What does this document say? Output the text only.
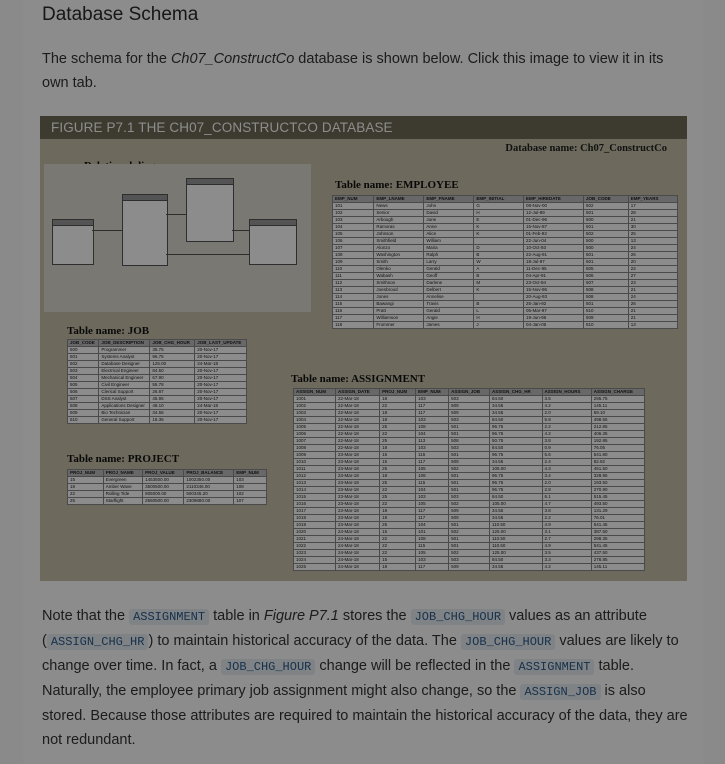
Database Schema

The schema for the Ch07_ConstructCo database is shown below. Click this image to view it in its own tab.

FIGURE P7.1 THE CH07_CONSTRUCTCO DATABASE
Database name: Ch07_ConstructCo
Table name: EMPLOYEE
EMP_NUM	EMP_LNAME	EMP_FNAME	EMP_INITIAL	EMP_HIREDATE	JOB_CODE	EMP_YEARS
101	News	John	G	08-Nov-00	502	17
102	Senior	David	H	12-Jul-89	501	28
103	Arbough	June	E	01-Dec-96	500	21
104	Ramoras	Anne	K	15-Nov-87	501	30
105	Johnson	Alice	K	01-Feb-93	502	25
106	Smithfield	William		22-Jun-04	500	13
107	Alonzo	Maria	D	10-Oct-93	500	24
108	Washington	Ralph	B	22-Aug-91	501	26
109	Smith	Larry	W	18-Jul-97	501	20
110	Olenko	Gerald	A	11-Dec-95	505	22
111	Wabash	Geoff	B	04-Apr-91	506	27
112	Smithson	Darlene	M	23-Oct-94	507	23
113	Joenbrood	Delbert	K	15-Nov-96	508	21
114	Jones	Annelise		20-Aug-93	508	24
115	Bawangi	Travis	B	25-Jan-92	501	26
116	Pratt	Gerald	L	05-Mar-97	510	21
117	Williamson	Angie	H	19-Jun-96	509	21
118	Frommer	James	J	04-Jan-05	510	13
Table name: JOB
JOB_CODE	JOB_DESCRIPTION	JOB_CHG_HOUR	JOB_LAST_UPDATE
500	Programmer	35.75	20-Nov-17
501	Systems Analyst	96.75	20-Nov-17
502	Database Designer	125.00	24-Mar-18
503	Electrical Engineer	84.50	20-Nov-17
504	Mechanical Engineer	67.90	20-Nov-17
505	Civil Engineer	55.78	20-Nov-17
506	Clerical Support	26.87	20-Nov-17
507	DSS Analyst	45.95	20-Nov-17
508	Applications Designer	48.10	24-Mar-18
509	Bio Technician	34.55	20-Nov-17
510	General Support	18.36	20-Nov-17
Table name: PROJECT
PROJ_NUM	PROJ_NAME	PROJ_VALUE	PROJ_BALANCE	EMP_NUM
15	Evergreen	1453500.00	1002350.00	103
18	Amber Wave	3500500.00	2110346.00	108
22	Rolling Tide	805000.00	500345.20	102
25	Starflight	2650500.00	2309880.00	107
Table name: ASSIGNMENT
ASSIGN_NUM	ASSIGN_DATE	PROJ_NUM	EMP_NUM	ASSIGN_JOB	ASSIGN_CHG_HR	ASSIGN_HOURS	ASSIGN_CHARGE
1001	22-Mar-18	18	103	503	84.50	3.5	295.75
1002	22-Mar-18	22	117	509	34.55	4.2	145.11
1003	22-Mar-18	18	117	509	34.55	2.0	69.10
1004	22-Mar-18	18	103	503	84.50	5.9	498.55
1005	22-Mar-18	25	108	501	96.75	2.2	212.85
1006	22-Mar-18	22	104	501	96.75	4.2	406.35
1007	22-Mar-18	25	113	508	50.75	3.8	192.85
1008	22-Mar-18	18	103	503	84.50	0.9	76.05
1009	23-Mar-18	15	115	501	96.75	5.6	541.80
1010	23-Mar-18	15	117	509	34.55	2.4	82.92
1011	23-Mar-18	25	105	502	105.00	4.3	451.50
1012	23-Mar-18	18	108	501	96.75	3.4	328.95
1013	23-Mar-18	25	115	501	96.75	2.0	193.50
1014	23-Mar-18	22	104	501	96.75	2.8	270.90
1015	23-Mar-18	25	103	503	84.50	6.1	515.45
1016	23-Mar-18	22	105	502	105.00	4.7	493.50
1017	23-Mar-18	18	117	509	34.55	3.8	131.29
1018	23-Mar-18	18	117	509	34.55	2.2	76.01
1019	23-Mar-18	25	104	501	110.50	4.9	541.45
1020	24-Mar-18	15	101	502	125.00	3.1	387.50
1021	24-Mar-18	22	108	501	110.50	2.7	298.35
1022	24-Mar-18	22	115	501	110.50	4.9	541.45
1023	24-Mar-18	22	105	502	125.00	3.5	437.50
1024	24-Mar-18	15	103	503	84.50	3.3	278.85
1025	24-Mar-18	18	117	509	34.55	4.2	145.11

Note that the ASSIGNMENT table in Figure P7.1 stores the JOB_CHG_HOUR values as an attribute ( ASSIGN_CHG_HR ) to maintain historical accuracy of the data. The JOB_CHG_HOUR values are likely to change over time. In fact, a JOB_CHG_HOUR change will be reflected in the ASSIGNMENT table. Naturally, the employee primary job assignment might also change, so the ASSIGN_JOB is also stored. Because those attributes are required to maintain the historical accuracy of the data, they are not redundant.
